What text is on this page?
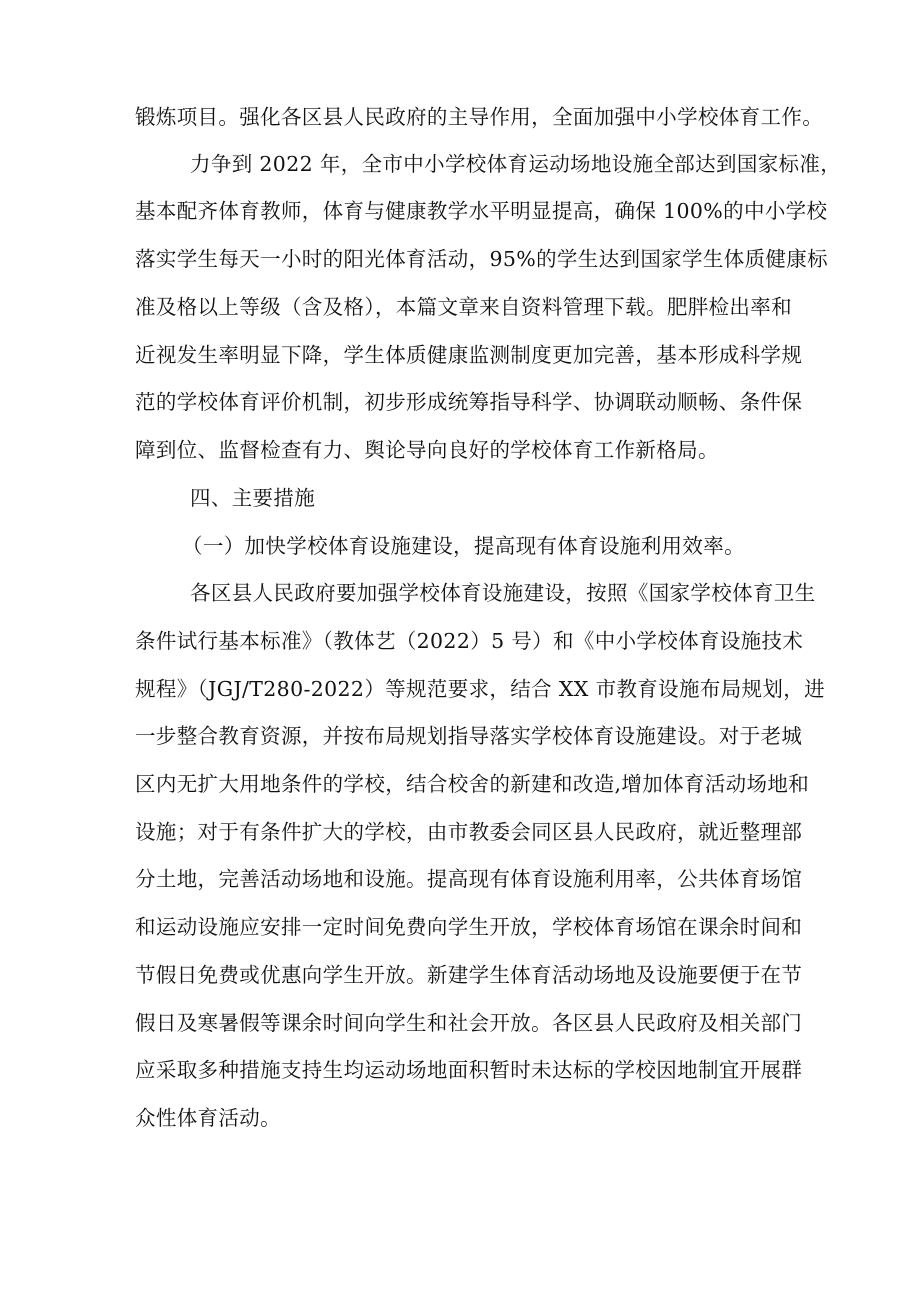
锻炼项目。强化各区县人民政府的主导作用，全面加强中小学校体育工作。
力争到 2022 年，全市中小学校体育运动场地设施全部达到国家标准，
基本配齐体育教师，体育与健康教学水平明显提高，确保 100%的中小学校
落实学生每天一小时的阳光体育活动，95%的学生达到国家学生体质健康标
准及格以上等级（含及格），本篇文章来自资料管理下载。肥胖检出率和
近视发生率明显下降，学生体质健康监测制度更加完善，基本形成科学规
范的学校体育评价机制，初步形成统筹指导科学、协调联动顺畅、条件保
障到位、监督检查有力、舆论导向良好的学校体育工作新格局。
四、主要措施
（一）加快学校体育设施建设，提高现有体育设施利用效率。
各区县人民政府要加强学校体育设施建设，按照《国家学校体育卫生
条件试行基本标准》（教体艺（2022）5 号）和《中小学校体育设施技术
规程》（JGJ/T280-2022）等规范要求，结合 XX 市教育设施布局规划，进
一步整合教育资源，并按布局规划指导落实学校体育设施建设。对于老城
区内无扩大用地条件的学校，结合校舍的新建和改造,增加体育活动场地和
设施；对于有条件扩大的学校，由市教委会同区县人民政府，就近整理部
分土地，完善活动场地和设施。提高现有体育设施利用率，公共体育场馆
和运动设施应安排一定时间免费向学生开放，学校体育场馆在课余时间和
节假日免费或优惠向学生开放。新建学生体育活动场地及设施要便于在节
假日及寒暑假等课余时间向学生和社会开放。各区县人民政府及相关部门
应采取多种措施支持生均运动场地面积暂时未达标的学校因地制宜开展群
众性体育活动。
